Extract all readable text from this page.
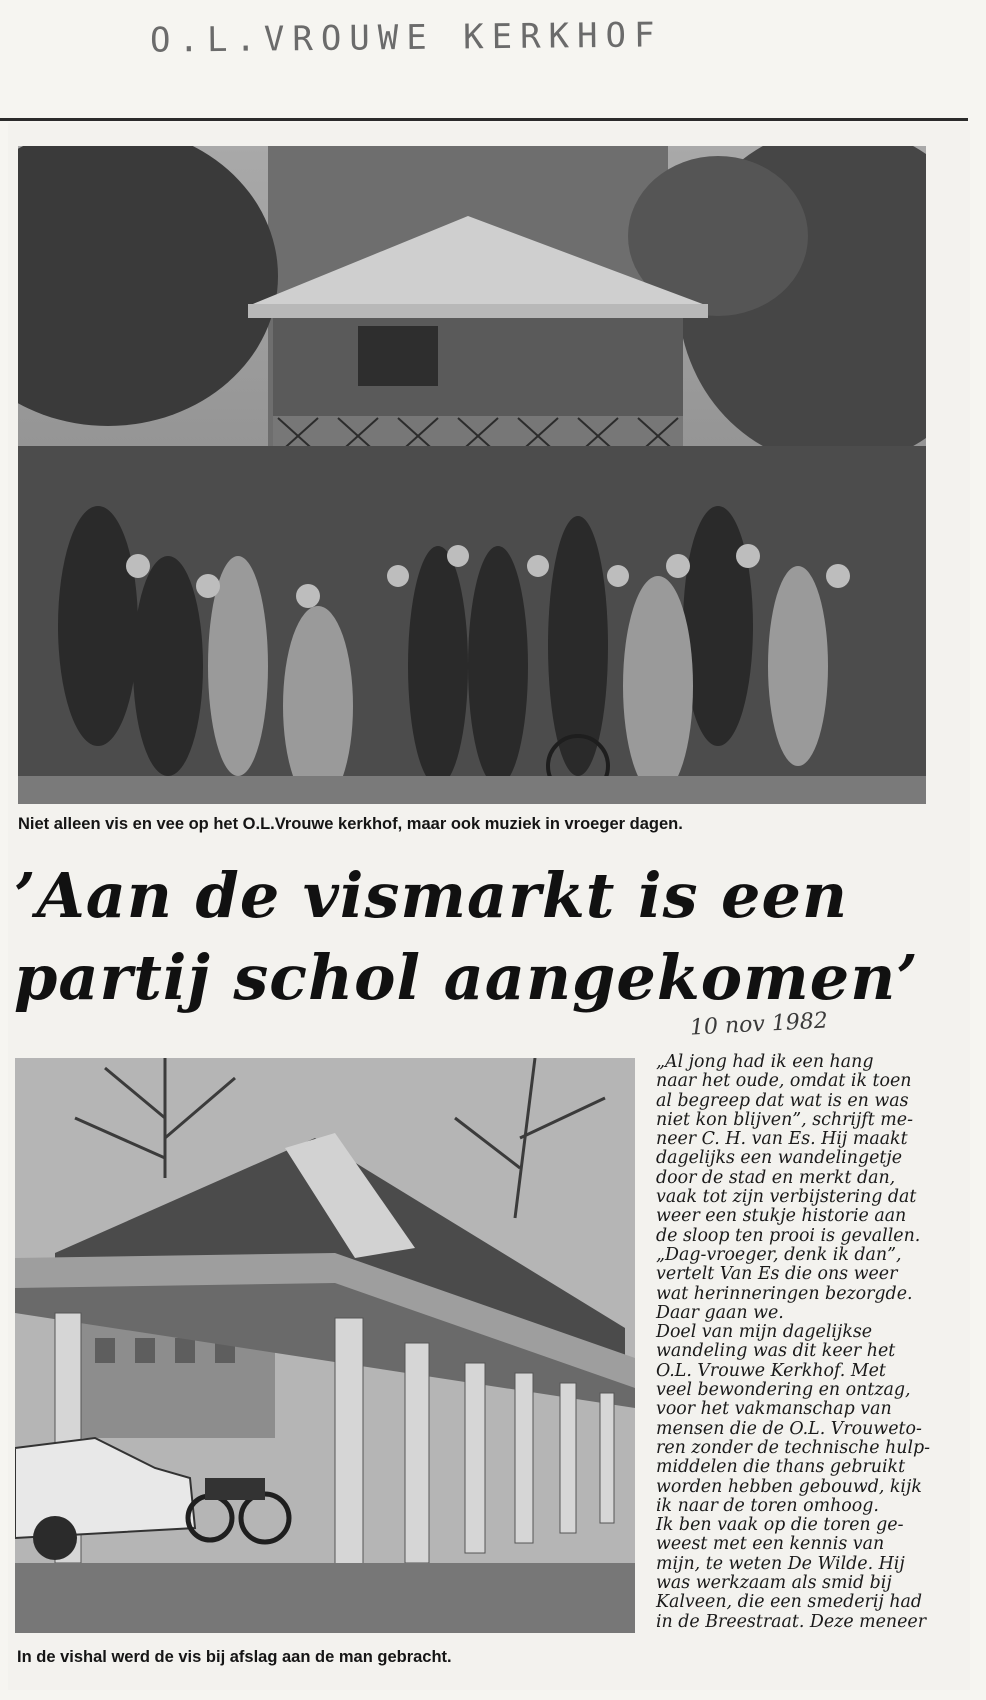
O.L.VROUWE KERKHOF
Niet alleen vis en vee op het O.L.Vrouwe kerkhof, maar ook muziek in vroeger dagen.
’Aan de vismarkt is een
partij schol aangekomen’
10 nov 1982
In de vishal werd de vis bij afslag aan de man gebracht.

„Al jong had ik een hang

naar het oude, omdat ik toen

al begreep dat wat is en was

niet kon blijven”, schrijft me-

neer C. H. van Es. Hij maakt

dagelijks een wandelingetje

door de stad en merkt dan,

vaak tot zijn verbijstering dat

weer een stukje historie aan

de sloop ten prooi is gevallen.

„Dag-vroeger, denk ik dan”,

vertelt Van Es die ons weer

wat herinneringen bezorgde.

Daar gaan we.

Doel van mijn dagelijkse

wandeling was dit keer het

O.L. Vrouwe Kerkhof. Met

veel bewondering en ontzag,

voor het vakmanschap van

mensen die de O.L. Vrouweto-

ren zonder de technische hulp-

middelen die thans gebruikt

worden hebben gebouwd, kijk

ik naar de toren omhoog.

Ik ben vaak op die toren ge-

weest met een kennis van

mijn, te weten De Wilde. Hij

was werkzaam als smid bij

Kalveen, die een smederij had

in de Breestraat. Deze meneer
